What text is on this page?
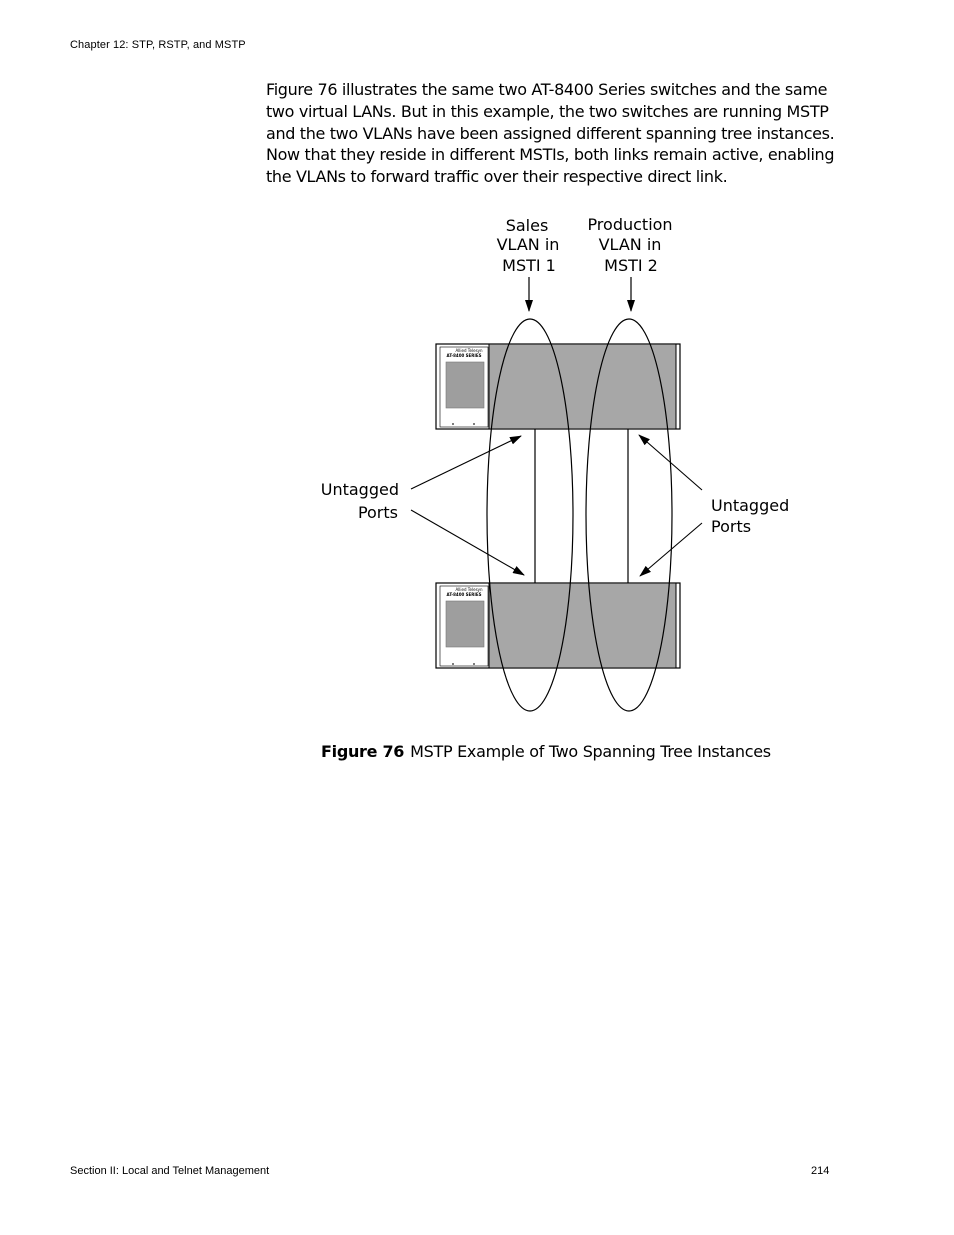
Chapter 12: STP, RSTP, and MSTP

Figure 76 illustrates the same two AT-8400 Series switches and the same two virtual LANs. But in this example, the two switches are running MSTP and the two VLANs have been assigned different spanning tree instances. Now that they reside in different MSTIs, both links remain active, enabling the VLANs to forward traffic over their respective direct link.

Sales
VLAN in
MSTI 1
Production
VLAN in
MSTI 2
Allied Telesyn
AT-8400 SERIES
Allied Telesyn
AT-8400 SERIES
Untagged
Ports	Untagged
Ports
Figure 76 MSTP Example of Two Spanning Tree Instances
Section II: Local and Telnet Management	214
